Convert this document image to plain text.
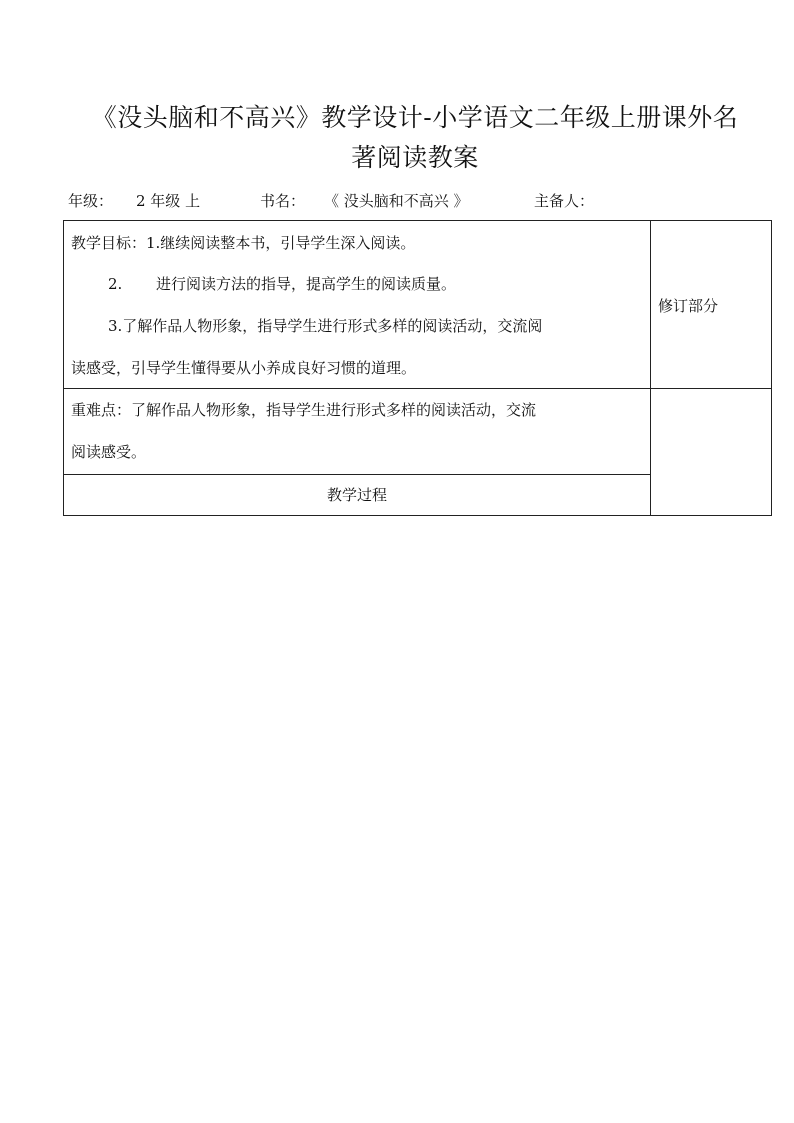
《没头脑和不高兴》教学设计-小学语文二年级上册课外名
著阅读教案
年级： 2 年级 上	书名： 《 没头脑和不高兴 》	主备人：
教学目标：1.继续阅读整本书，引导学生深入阅读。
2. 进行阅读方法的指导，提高学生的阅读质量。
3.了解作品人物形象，指导学生进行形式多样的阅读活动，交流阅
读感受，引导学生懂得要从小养成良好习惯的道理。
修订部分
重难点：了解作品人物形象，指导学生进行形式多样的阅读活动，交流
阅读感受。
教学过程
